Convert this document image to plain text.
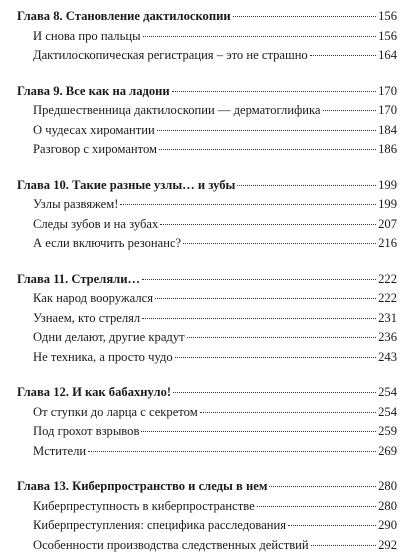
Глава 8. Становление дактилоскопии	156
И снова про пальцы	156
Дактилоскопическая регистрация – это не страшно	164
Глава 9. Все как на ладони	170
Предшественница дактилоскопии — дерматоглифика	170
О чудесах хиромантии	184
Разговор с хиромантом	186
Глава 10. Такие разные узлы… и зубы	199
Узлы развяжем!	199
Следы зубов и на зубах	207
А если включить резонанс?	216
Глава 11. Стреляли…	222
Как народ вооружался	222
Узнаем, кто стрелял	231
Одни делают, другие крадут	236
Не техника, а просто чудо	243
Глава 12. И как бабахнуло!	254
От ступки до ларца с секретом	254
Под грохот взрывов	259
Мстители	269
Глава 13. Киберпространство и следы в нем	280
Киберпреступность в киберпространстве	280
Киберпреступления: специфика расследования	290
Особенности производства следственных действий	292
